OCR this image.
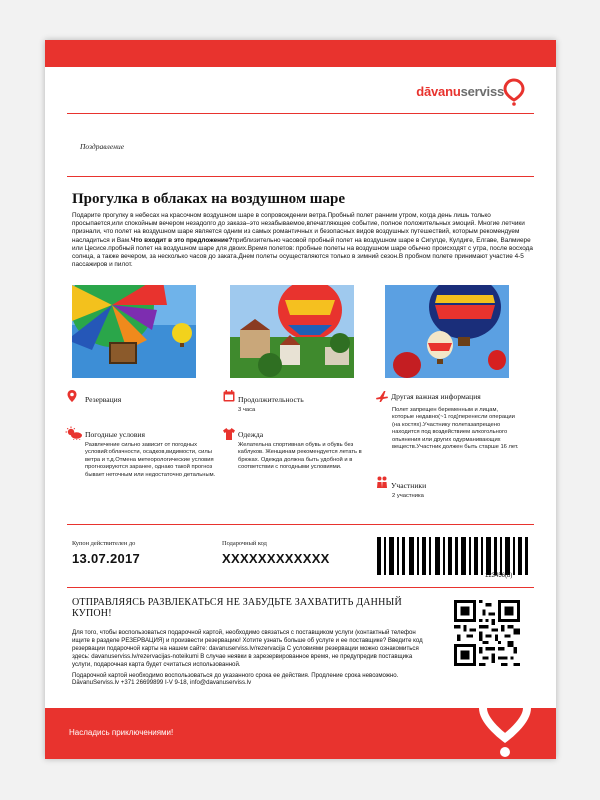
dāvanuserviss
Поздравление
Прогулка в облаках на воздушном шаре
Подарите прогулку в небесах на красочном воздушном шаре в сопровождении ветра.Пробный полет ранним утром, когда день лишь только просыпается,или спокойным вечером незадолго до заказа–это незабываемое,впечатляющее событие, полное положительных эмоций. Многие летчики признали, что полет на воздушном шаре является одним из самых романтичных и безопасных видов воздушных путешествий, которым рекомендуем насладиться и Вам.Что входит в это предложение?приблизительно часовой пробный полет на воздушном шаре в Сигулде, Кулдиге, Елгаве, Валмиере или Цесисе.пробный полет на воздушном шаре для двоих.Время полетов: пробные полеты на воздушном шаре обычно происходят с утра, после восхода солнца, а также вечером, за несколько часов до заката.Днем полеты осуществляются только в зимний сезон.В пробном полете принимают участие 4-5 пассажиров и пилот.
Резервация	Продолжительность
3 часа
Другая важная информация
Полет запрещен беременным и лицам, которые недавно(~1 год)перенесли операции (на костях).Участнику полетазапрещено находится под воздействием алкогольного опьянения или других одурманивающих веществ.Участник должен быть старше 16 лет.
Погодные условия
Развлечение сильно зависит от погодных условий:облачности, осадков,видимости, силы ветра и т.д.Отмена метеорологические условия прогнозируются заранее, однако такой прогноз бывает неточным или недостаточно детальным.
Одежда
Желательна спортивная обувь и обувь без каблуков. Женщинам рекомендуется летать в брюках. Одежда должна быть удобной и в соответствии с погодными условиями.
Участники
2 участника
Купон действителен до
13.07.2017
Подарочный код
XXXXXXXXXXXX
123456(b)
ОТПРАВЛЯЯСЬ РАЗВЛЕКАТЬСЯ НЕ ЗАБУДЬТЕ ЗАХВАТИТЬ ДАННЫЙ КУПОН!

Для того, чтобы воспользоваться подарочной картой, необходимо связаться с поставщиком услуги (контактный телефон ищите в разделе РЕЗЕРВАЦИЯ) и произвести резервацию! Хотите узнать больше об услуге и ее поставщике? Введите код резервации подарочной карты на нашем сайте: davanuserviss.lv/rezervacija С условиями резервации можно ознакомиться здесь: davanuserviss.lv/rezervacijas-noteikumi В случае неявки в зарезервированное время, не предупредив поставщика услуги, подарочная карта будет считаться использованной.

Подарочной картой необходимо воспользоваться до указанного срока ее действия. Продление срока невозможно. DāvanuServiss.lv +371 26699899 I-V 9-18, info@davanuserviss.lv

Насладись приключениями!
